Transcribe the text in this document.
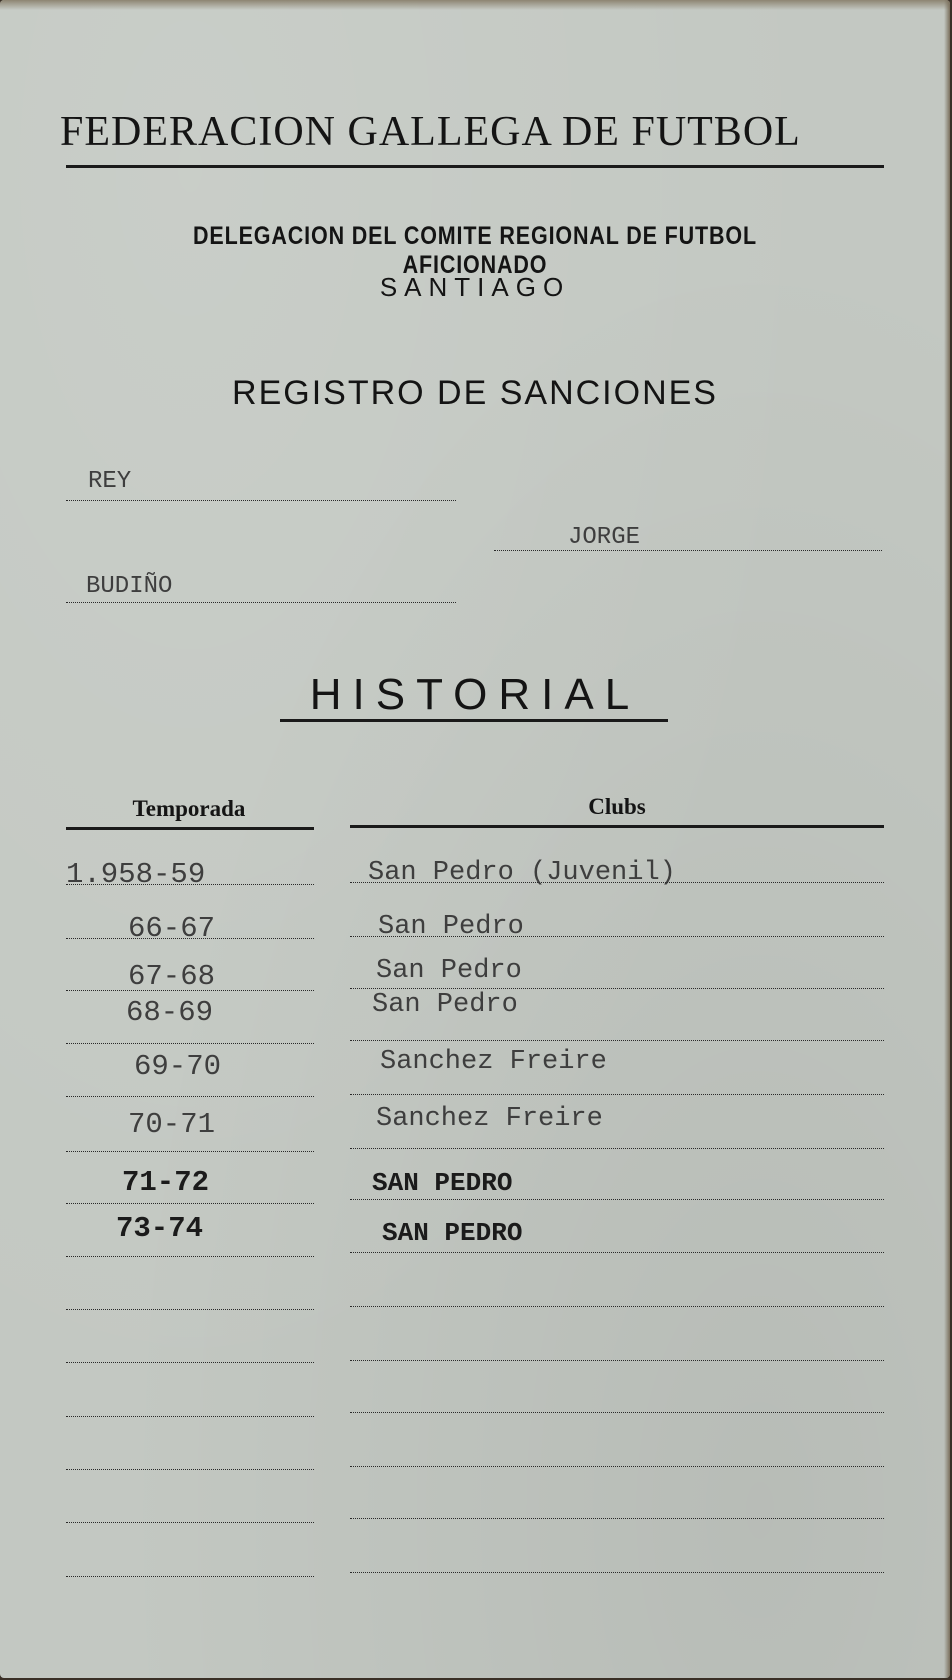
FEDERACION GALLEGA DE FUTBOL
DELEGACION DEL COMITE REGIONAL DE FUTBOL AFICIONADO
SANTIAGO
REGISTRO DE SANCIONES
REY
JORGE
BUDIÑO
HISTORIAL
Temporada	Clubs
1.958-59	San Pedro (Juvenil)
66-67	San Pedro
67-68	San Pedro
68-69	San Pedro
69-70	Sanchez Freire
70-71	Sanchez Freire
71-72	SAN PEDRO
73-74	SAN PEDRO
